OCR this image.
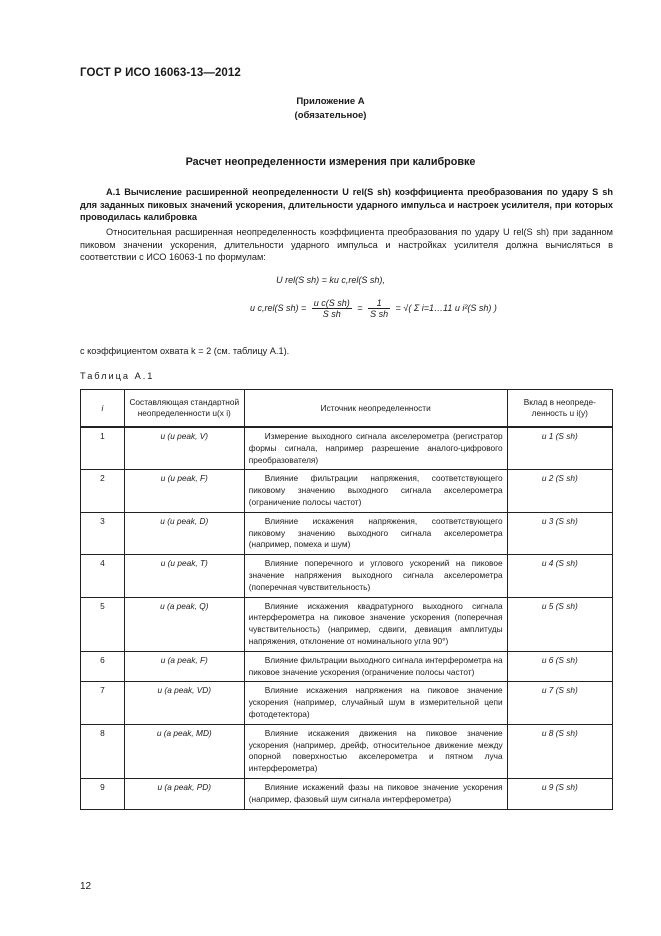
ГОСТ Р ИСО 16063-13—2012
Приложение А
(обязательное)
Расчет неопределенности измерения при калибровке
А.1 Вычисление расширенной неопределенности U rel(S sh) коэффициента преобразования по удару S sh для заданных пиковых значений ускорения, длительности ударного импульса и настроек усилителя, при которых проводилась калибровка
Относительная расширенная неопределенность коэффициента преобразования по удару U rel(S sh) при заданном пиковом значении ускорения, длительности ударного импульса и настройках усилителя должна вычисляться в соответствии с ИСО 16063-1 по формулам:
U rel(S sh) = ku c,rel(S sh),
u c,rel(S $sh) = \frac{\text{u c(S sh)}}{\text{S sh}} = \frac{1}{\text{S sh}}$ = √( Σ i=1…11 u i²(S sh) )
с коэффициентом охвата k = 2 (см. таблицу А.1).
Таблица А.1
i	Составляющая стандартной неопределенности u(x i)	Источник неопределенности	Вклад в неопреде-ленность u i(y)
1	u (u peak, V)	Измерение выходного сигнала акселерометра (регистратор формы сигнала, например разрешение аналого-цифрового преобразователя)	u 1 (S sh)
2	u (u peak, F)	Влияние фильтрации напряжения, соответствующего пиковому значению выходного сигнала акселерометра (ограничение полосы частот)	u 2 (S sh)
3	u (u peak, D)	Влияние искажения напряжения, соответствующего пиковому значению выходного сигнала акселерометра (например, помеха и шум)	u 3 (S sh)
4	u (u peak, T)	Влияние поперечного и углового ускорений на пиковое значение напряжения выходного сигнала акселерометра (поперечная чувствительность)	u 4 (S sh)
5	u (a peak, Q)	Влияние искажения квадратурного выходного сигнала интерферометра на пиковое значение ускорения (поперечная чувствительность) (например, сдвиги, девиация амплитуды напряжения, отклонение от номинального угла 90°)	u 5 (S sh)
6	u (a peak, F)	Влияние фильтрации выходного сигнала интерферометра на пиковое значение ускорения (ограничение полосы частот)	u 6 (S sh)
7	u (a peak, VD)	Влияние искажения напряжения на пиковое значение ускорения (например, случайный шум в измерительной цепи фотодетектора)	u 7 (S sh)
8	u (a peak, MD)	Влияние искажения движения на пиковое значение ускорения (например, дрейф, относительное движение между опорной поверхностью акселерометра и пятном луча интерферометра)	u 8 (S sh)
9	u (a peak, PD)	Влияние искажений фазы на пиковое значение ускорения (например, фазовый шум сигнала интерферометра)	u 9 (S sh)
12
